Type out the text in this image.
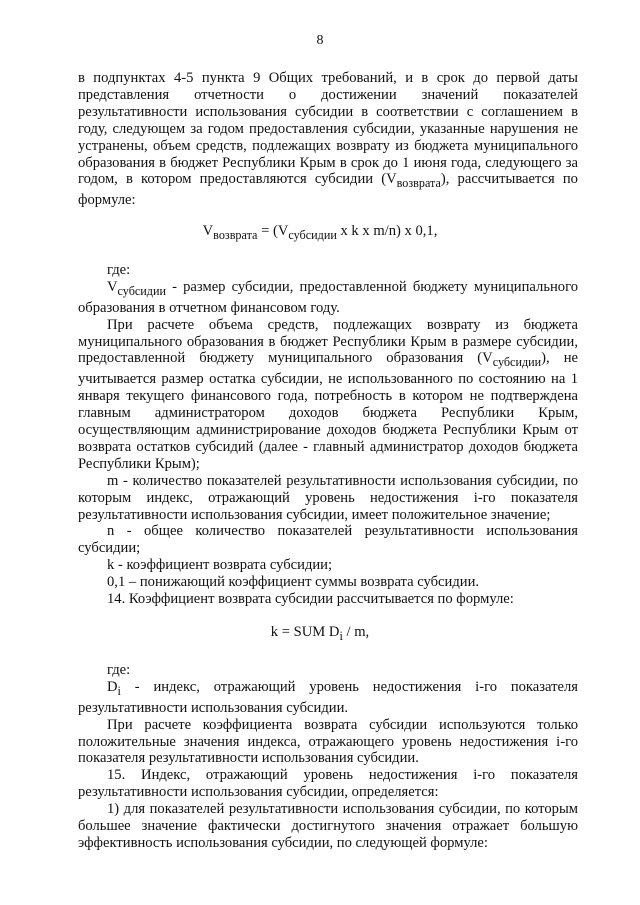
8

в подпунктах 4-5 пункта 9 Общих требований, и в срок до первой даты представления отчетности о достижении значений показателей результативности использования субсидии в соответствии с соглашением в году, следующем за годом предоставления субсидии, указанные нарушения не устранены, объем средств, подлежащих возврату из бюджета муниципального образования в бюджет Республики Крым в срок до 1 июня года, следующего за годом, в котором предоставляются субсидии $(V_{возврата})$, рассчитывается по формуле:

$V_{возврата} = (V_{субсидии}$ x k x m/n) x 0,1,

где:

$V_{субсидии}$ - размер субсидии, предоставленной бюджету муниципального образования в отчетном финансовом году.

При расчете объема средств, подлежащих возврату из бюджета муниципального образования в бюджет Республики Крым в размере субсидии, предоставленной бюджету муниципального образования $(V_{субсидии})$, не учитывается размер остатка субсидии, не использованного по состоянию на 1 января текущего финансового года, потребность в котором не подтверждена главным администратором доходов бюджета Республики Крым, осуществляющим администрирование доходов бюджета Республики Крым от возврата остатков субсидий (далее - главный администратор доходов бюджета Республики Крым);

m - количество показателей результативности использования субсидии, по которым индекс, отражающий уровень недостижения i-го показателя результативности использования субсидии, имеет положительное значение;

n - общее количество показателей результативности использования субсидии;

k - коэффициент возврата субсидии;

0,1 – понижающий коэффициент суммы возврата субсидии.

14. Коэффициент возврата субсидии рассчитывается по формуле:

k = SUM $D_i$ / m,

где:

$D_i$ - индекс, отражающий уровень недостижения i-го показателя результативности использования субсидии.

При расчете коэффициента возврата субсидии используются только положительные значения индекса, отражающего уровень недостижения i-го показателя результативности использования субсидии.

15. Индекс, отражающий уровень недостижения i-го показателя результативности использования субсидии, определяется:

1) для показателей результативности использования субсидии, по которым большее значение фактически достигнутого значения отражает большую эффективность использования субсидии, по следующей формуле:
